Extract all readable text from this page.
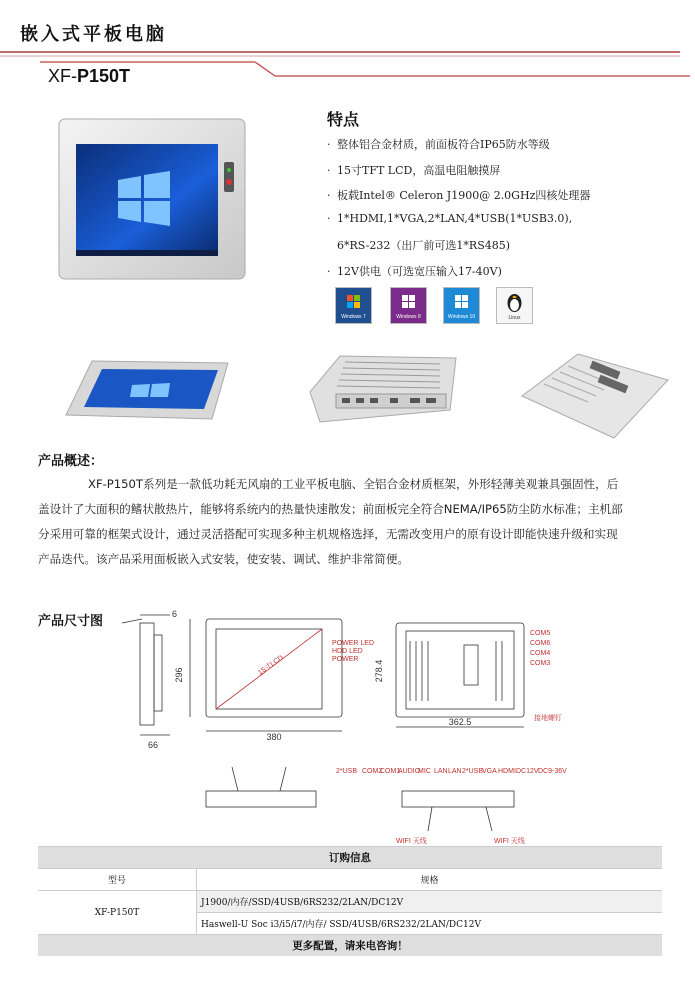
嵌入式平板电脑
XF-P150T
特点
· 整体铝合金材质，前面板符合IP65防水等级
· 15寸TFT LCD，高温电阻触摸屏
· 板载Intel® Celeron J1900@ 2.0GHz四核处理器
· 1*HDMI,1*VGA,2*LAN,4*USB(1*USB3.0),
6*RS-232（出厂前可选1*RS485)
· 12V供电（可选宽压输入17-40V)
Windows 7	Windows 8	Windows 10	Linux
产品概述：
XF-P150T系列是一款低功耗无风扇的工业平板电脑、全铝合金材质框架，外形轻薄美观兼具强固性，后盖设计了大面积的鳍状散热片，能够将系统内的热量快速散发；前面板完全符合NEMA/IP65防尘防水标准；主机部分采用可靠的框架式设计，通过灵活搭配可实现多种主机规格选择，无需改变用户的原有设计即能快速升级和实现产品迭代。该产品采用面板嵌入式安装，使安装、调试、维护非常简便。
产品尺寸图	6
66
296
380
15寸LCD
POWER LED
HDD LED
POWER
278.4
362.5
COM5
COM6
COM4
COM3
接地螺钉
2*USB COM2
COM1
AUDIO
MIC LAN LAN 2*USB
VGA HDMI DC12V DC9-36V
WIFI 天线	WIFI 天线
订购信息	
型号	规格
XF-P150T	J1900/内存/SSD/4USB/6RS232/2LAN/DC12V
	Haswell-U Soc i3/i5/i7/内存/ SSD/4USB/6RS232/2LAN/DC12V
更多配置，请来电咨询！	
